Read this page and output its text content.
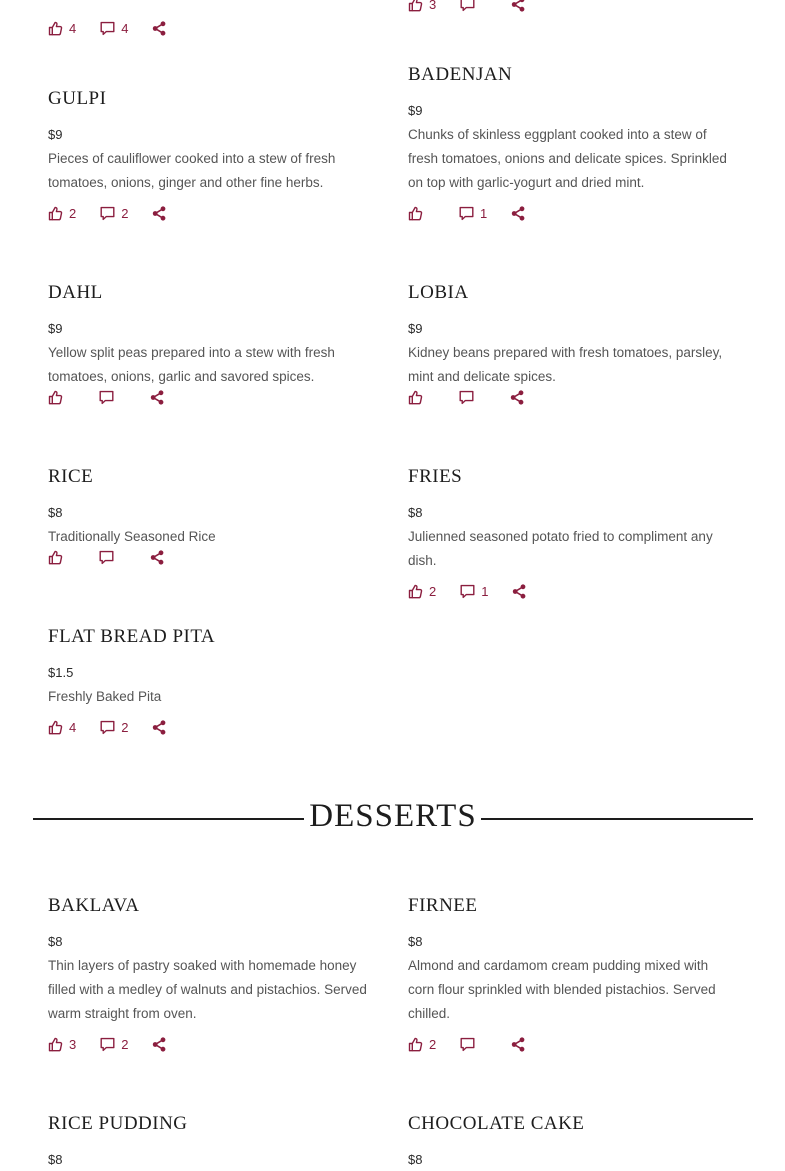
4	4
3
GULPI
$9
Pieces of cauliflower cooked into a stew of fresh tomatoes, onions, ginger and other fine herbs.
2	2
BADENJAN
$9
Chunks of skinless eggplant cooked into a stew of fresh tomatoes, onions and delicate spices. Sprinkled on top with garlic-yogurt and dried mint.
1
DAHL
$9
Yellow split peas prepared into a stew with fresh tomatoes, onions, garlic and savored spices.
LOBIA
$9
Kidney beans prepared with fresh tomatoes, parsley, mint and delicate spices.
RICE
$8
Traditionally Seasoned Rice
FRIES
$8
Julienned seasoned potato fried to compliment any dish.
2	1
FLAT BREAD PITA
$1.5
Freshly Baked Pita
4	2
DESSERTS
BAKLAVA
$8
Thin layers of pastry soaked with homemade honey filled with a medley of walnuts and pistachios. Served warm straight from oven.
3	2
FIRNEE
$8
Almond and cardamom cream pudding mixed with corn flour sprinkled with blended pistachios. Served chilled.
2
RICE PUDDING
$8
CHOCOLATE CAKE
$8
